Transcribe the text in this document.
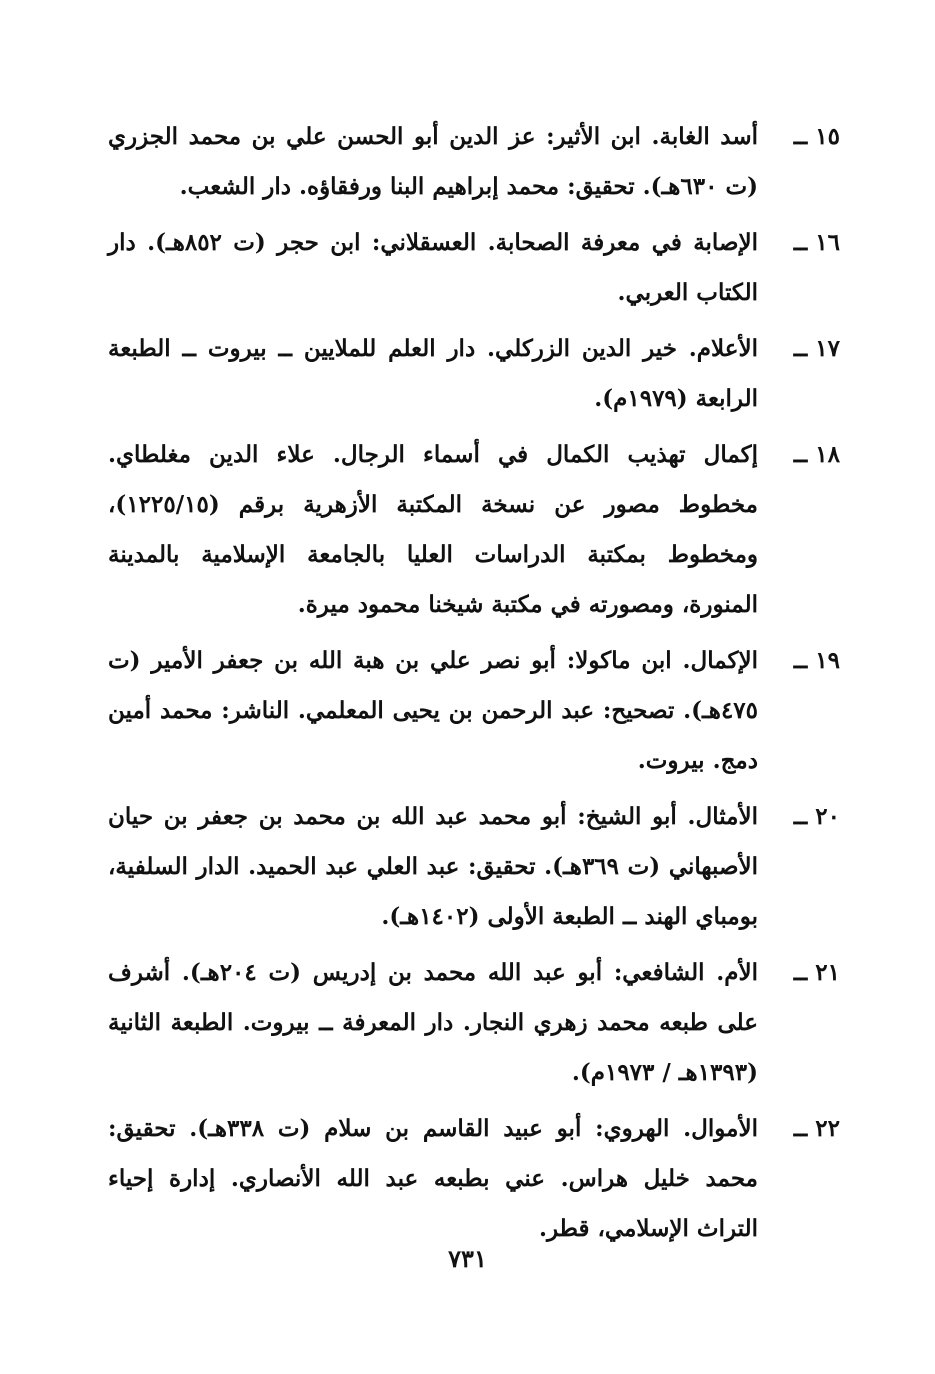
١٥ــ
أسد الغابة. ابن الأثير: عز الدين أبو الحسن علي بن محمد الجزري (ت ٦٣٠هـ). تحقيق: محمد إبراهيم البنا ورفقاؤه. دار الشعب.
١٦ــ
الإصابة في معرفة الصحابة. العسقلاني: ابن حجر (ت ٨٥٢هـ). دار الكتاب العربي.
١٧ــ
الأعلام. خير الدين الزركلي. دار العلم للملايين ــ بيروت ــ الطبعة الرابعة (١٩٧٩م).
١٨ــ
إكمال تهذيب الكمال في أسماء الرجال. علاء الدين مغلطاي. مخطوط مصور عن نسخة المكتبة الأزهرية برقم (١٢٢٥/١٥)، ومخطوط بمكتبة الدراسات العليا بالجامعة الإسلامية بالمدينة المنورة، ومصورته في مكتبة شيخنا محمود ميرة.
١٩ــ
الإكمال. ابن ماكولا: أبو نصر علي بن هبة الله بن جعفر الأمير (ت ٤٧٥هـ). تصحيح: عبد الرحمن بن يحيى المعلمي. الناشر: محمد أمين دمج. بيروت.
٢٠ــ
الأمثال. أبو الشيخ: أبو محمد عبد الله بن محمد بن جعفر بن حيان الأصبهاني (ت ٣٦٩هـ). تحقيق: عبد العلي عبد الحميد. الدار السلفية، بومباي الهند ــ الطبعة الأولى (١٤٠٢هـ).
٢١ــ
الأم. الشافعي: أبو عبد الله محمد بن إدريس (ت ٢٠٤هـ). أشرف على طبعه محمد زهري النجار. دار المعرفة ــ بيروت. الطبعة الثانية (١٣٩٣هـ / ١٩٧٣م).
٢٢ــ
الأموال. الهروي: أبو عبيد القاسم بن سلام (ت ٣٣٨هـ). تحقيق: محمد خليل هراس. عني بطبعه عبد الله الأنصاري. إدارة إحياء التراث الإسلامي، قطر.
٧٣١
